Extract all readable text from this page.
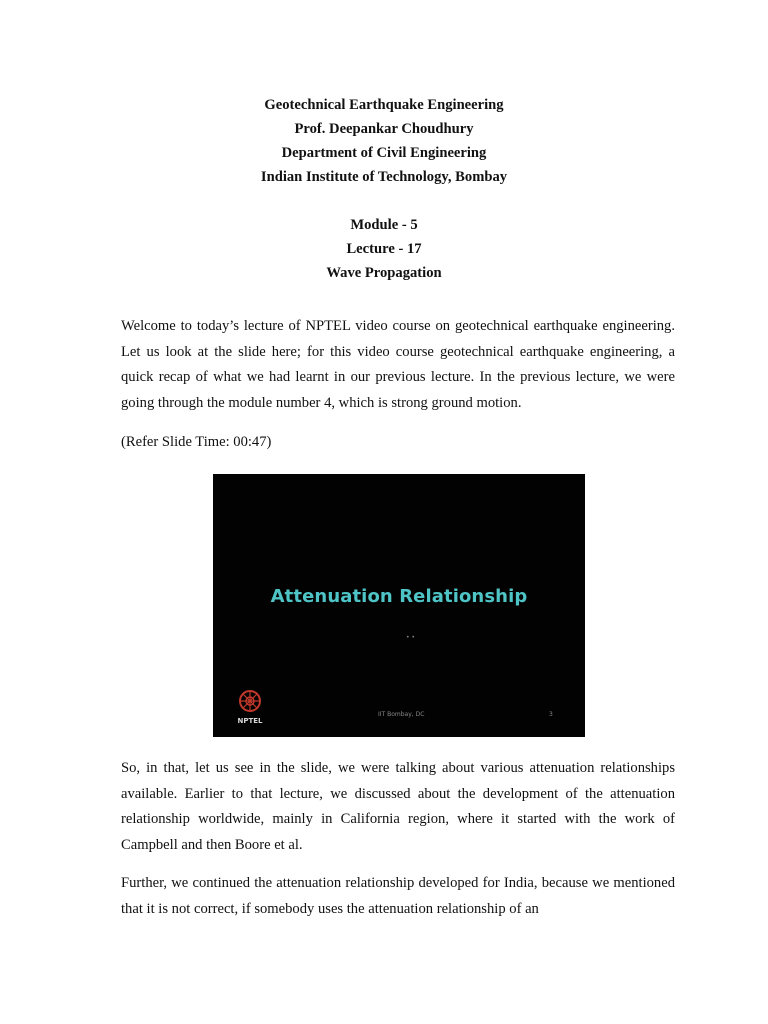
Geotechnical Earthquake Engineering
Prof. Deepankar Choudhury
Department of Civil Engineering
Indian Institute of Technology, Bombay
Module - 5
Lecture - 17
Wave Propagation

Welcome to today’s lecture of NPTEL video course on geotechnical earthquake engineering. Let us look at the slide here; for this video course geotechnical earthquake engineering, a quick recap of what we had learnt in our previous lecture. In the previous lecture, we were going through the module number 4, which is strong ground motion.

(Refer Slide Time: 00:47)

Attenuation Relationship
• •
NPTEL
IIT Bombay, DC	3

So, in that, let us see in the slide, we were talking about various attenuation relationships available. Earlier to that lecture, we discussed about the development of the attenuation relationship worldwide, mainly in California region, where it started with the work of Campbell and then Boore et al.

Further, we continued the attenuation relationship developed for India, because we mentioned that it is not correct, if somebody uses the attenuation relationship of an
